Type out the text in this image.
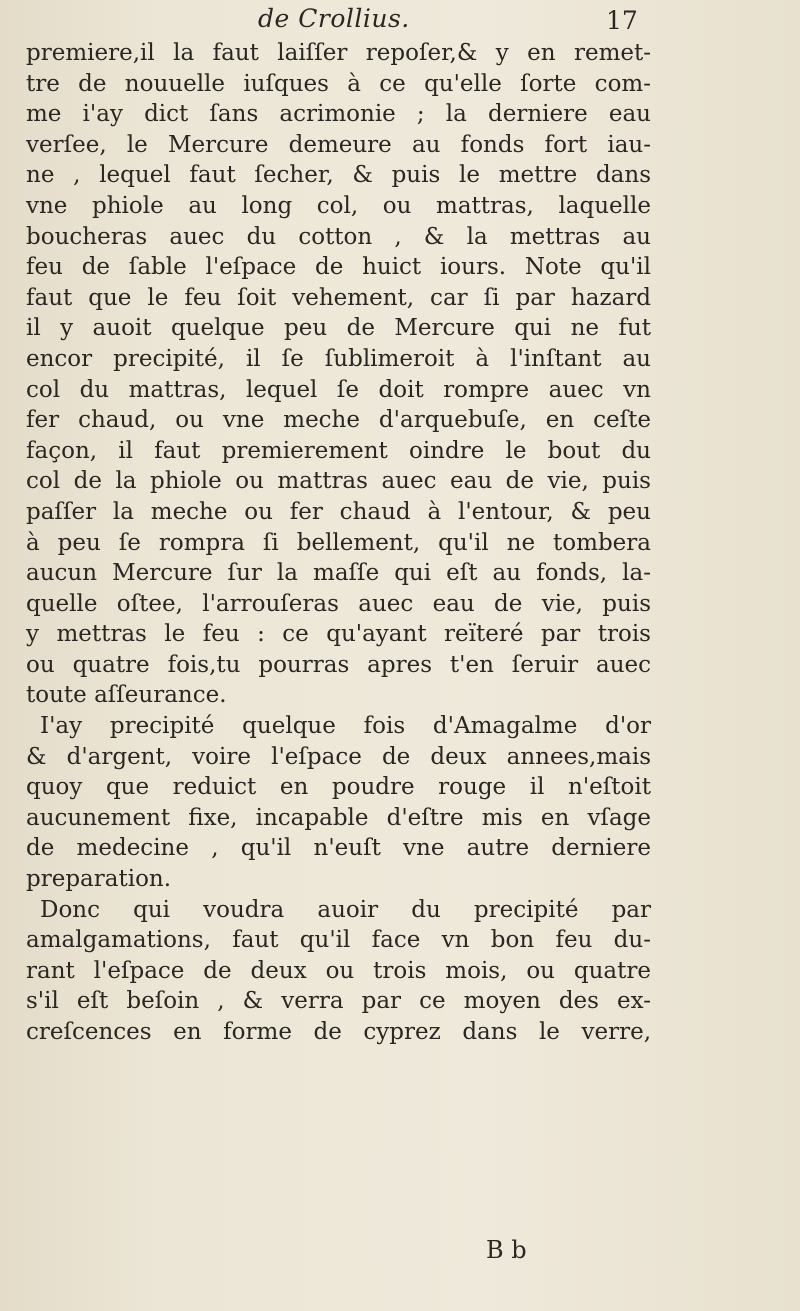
de Crollius.	17
premiere,il la faut laiſſer repoſer,& y en remet-
tre de nouuelle iuſques à ce qu'elle ſorte com-
me i'ay dict ſans acrimonie ; la derniere eau
verſee, le Mercure demeure au fonds fort iau-
ne , lequel faut ſecher, & puis le mettre dans
vne phiole au long col, ou mattras, laquelle
boucheras auec du cotton , & la mettras au
feu de ſable l'eſpace de huict iours. Note qu'il
faut que le feu ſoit vehement, car ſi par hazard
il y auoit quelque peu de Mercure qui ne fut
encor precipité, il ſe ſublimeroit à l'inſtant au
col du mattras, lequel ſe doit rompre auec vn
fer chaud, ou vne meche d'arquebuſe, en ceſte
façon, il faut premierement oindre le bout du
col de la phiole ou mattras auec eau de vie, puis
paſſer la meche ou fer chaud à l'entour, & peu
à peu ſe rompra ſi bellement, qu'il ne tombera
aucun Mercure ſur la maſſe qui eſt au fonds, la-
quelle oſtee, l'arrouſeras auec eau de vie, puis
y mettras le feu : ce qu'ayant reïteré par trois
ou quatre fois,tu pourras apres t'en ſeruir auec
toute aſſeurance.
I'ay precipité quelque fois d'Amagalme d'or
& d'argent, voire l'eſpace de deux annees,mais
quoy que reduict en poudre rouge il n'eſtoit
aucunement fixe, incapable d'eſtre mis en vſage
de medecine , qu'il n'euſt vne autre derniere
preparation.
Donc qui voudra auoir du precipité par
amalgamations, faut qu'il face vn bon feu du-
rant l'eſpace de deux ou trois mois, ou quatre
s'il eſt beſoin , & verra par ce moyen des ex-
creſcences en forme de cyprez dans le verre,
B b
